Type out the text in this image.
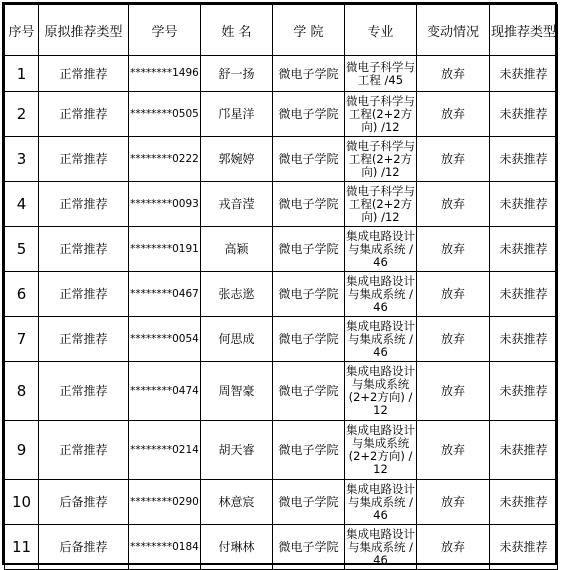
序号	原拟推荐类型	学号	姓 名	学 院	专业	变动情况	现推荐类型
1	正常推荐	********1496	舒一扬	微电子学院	微电子科学与工程 /45	放弃	未获推荐
2	正常推荐	********0505	邝星洋	微电子学院	微电子科学与工程(2+2方向) /12	放弃	未获推荐
3	正常推荐	********0222	郭婉婷	微电子学院	微电子科学与工程(2+2方向) /12	放弃	未获推荐
4	正常推荐	********0093	戎音滢	微电子学院	微电子科学与工程(2+2方向) /12	放弃	未获推荐
5	正常推荐	********0191	高颖	微电子学院	集成电路设计与集成系统 /46	放弃	未获推荐
6	正常推荐	********0467	张志逖	微电子学院	集成电路设计与集成系统 /46	放弃	未获推荐
7	正常推荐	********0054	何思成	微电子学院	集成电路设计与集成系统 /46	放弃	未获推荐
8	正常推荐	********0474	周智豪	微电子学院	集成电路设计与集成系统(2+2方向) /12	放弃	未获推荐
9	正常推荐	********0214	胡天睿	微电子学院	集成电路设计与集成系统(2+2方向) /12	放弃	未获推荐
10	后备推荐	********0290	林意宸	微电子学院	集成电路设计与集成系统 /46	放弃	未获推荐
11	后备推荐	********0184	付琳林	微电子学院	集成电路设计与集成系统 /46	放弃	未获推荐
